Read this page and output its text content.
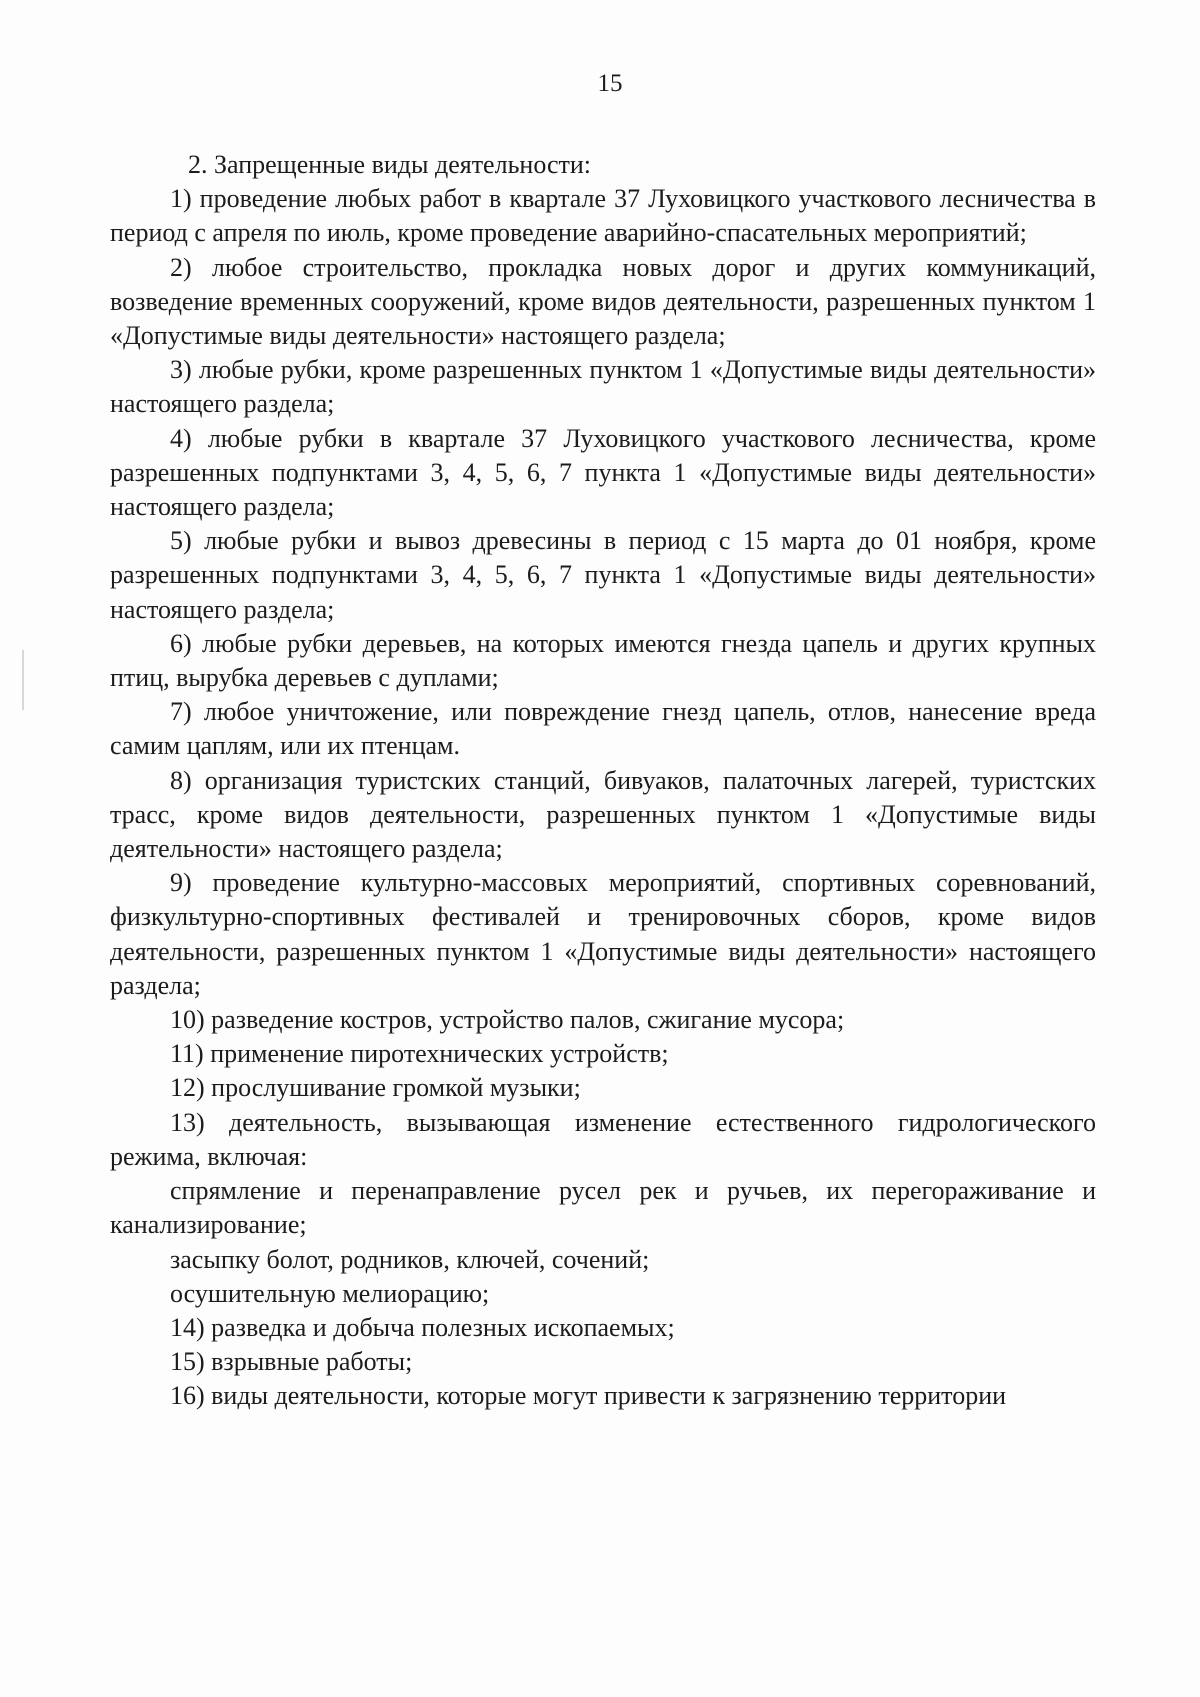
15

2. Запрещенные виды деятельности:

1) проведение любых работ в квартале 37 Луховицкого участкового лесничества в период с апреля по июль, кроме проведение аварийно-спасательных мероприятий;

2) любое строительство, прокладка новых дорог и других коммуникаций, возведение временных сооружений, кроме видов деятельности, разрешенных пунктом 1 «Допустимые виды деятельности» настоящего раздела;

3) любые рубки, кроме разрешенных пунктом 1 «Допустимые виды деятельности» настоящего раздела;

4) любые рубки в квартале 37 Луховицкого участкового лесничества, кроме разрешенных подпунктами 3, 4, 5, 6, 7 пункта 1 «Допустимые виды деятельности» настоящего раздела;

5) любые рубки и вывоз древесины в период с 15 марта до 01 ноября, кроме разрешенных подпунктами 3, 4, 5, 6, 7 пункта 1 «Допустимые виды деятельности» настоящего раздела;

6) любые рубки деревьев, на которых имеются гнезда цапель и других крупных птиц, вырубка деревьев с дуплами;

7) любое уничтожение, или повреждение гнезд цапель, отлов, нанесение вреда самим цаплям, или их птенцам.

8) организация туристских станций, бивуаков, палаточных лагерей, туристских трасс, кроме видов деятельности, разрешенных пунктом 1 «Допустимые виды деятельности» настоящего раздела;

9) проведение культурно-массовых мероприятий, спортивных соревнований, физкультурно-спортивных фестивалей и тренировочных сборов, кроме видов деятельности, разрешенных пунктом 1 «Допустимые виды деятельности» настоящего раздела;

10) разведение костров, устройство палов, сжигание мусора;

11) применение пиротехнических устройств;

12) прослушивание громкой музыки;

13) деятельность, вызывающая изменение естественного гидрологического режима, включая:

спрямление и перенаправление русел рек и ручьев, их перегораживание и канализирование;

засыпку болот, родников, ключей, сочений;

осушительную мелиорацию;

14) разведка и добыча полезных ископаемых;

15) взрывные работы;

16) виды деятельности, которые могут привести к загрязнению территории
